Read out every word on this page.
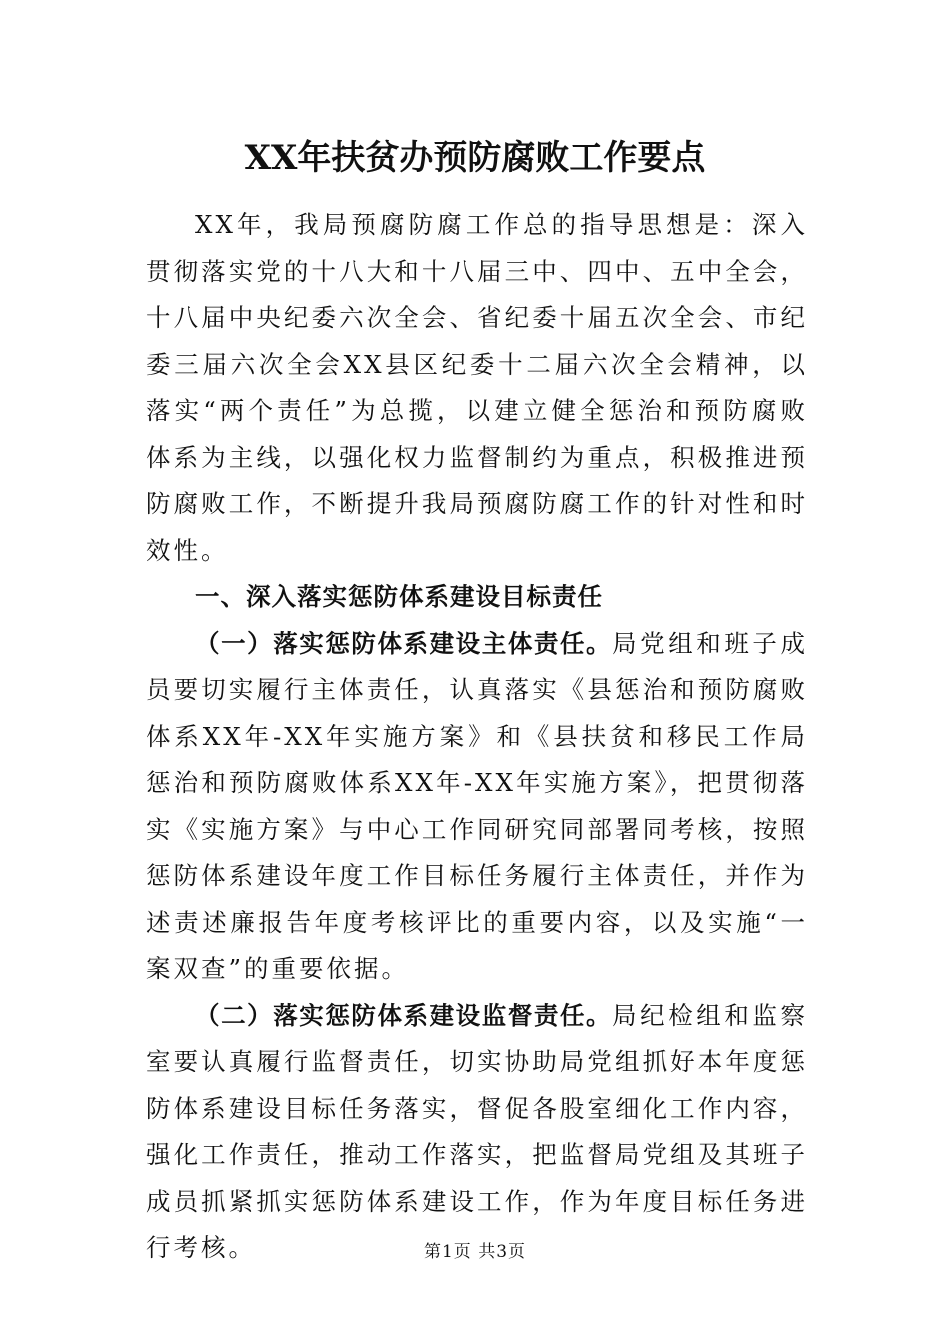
XX年扶贫办预防腐败工作要点

XX年，我局预腐防腐工作总的指导思想是：深入贯彻落实党的十八大和十八届三中、四中、五中全会，十八届中央纪委六次全会、省纪委十届五次全会、市纪委三届六次全会XX县区纪委十二届六次全会精神，以落实“两个责任”为总揽，以建立健全惩治和预防腐败体系为主线，以强化权力监督制约为重点，积极推进预防腐败工作，不断提升我局预腐防腐工作的针对性和时效性。

一、深入落实惩防体系建设目标责任

（一）落实惩防体系建设主体责任。局党组和班子成员要切实履行主体责任，认真落实《县惩治和预防腐败体系XX年-XX年实施方案》和《县扶贫和移民工作局惩治和预防腐败体系XX年-XX年实施方案》，把贯彻落实《实施方案》与中心工作同研究同部署同考核，按照惩防体系建设年度工作目标任务履行主体责任，并作为述责述廉报告年度考核评比的重要内容，以及实施“一案双查”的重要依据。

（二）落实惩防体系建设监督责任。局纪检组和监察室要认真履行监督责任，切实协助局党组抓好本年度惩防体系建设目标任务落实，督促各股室细化工作内容，强化工作责任，推动工作落实，把监督局党组及其班子成员抓紧抓实惩防体系建设工作，作为年度目标任务进行考核。	第1页 共3页
